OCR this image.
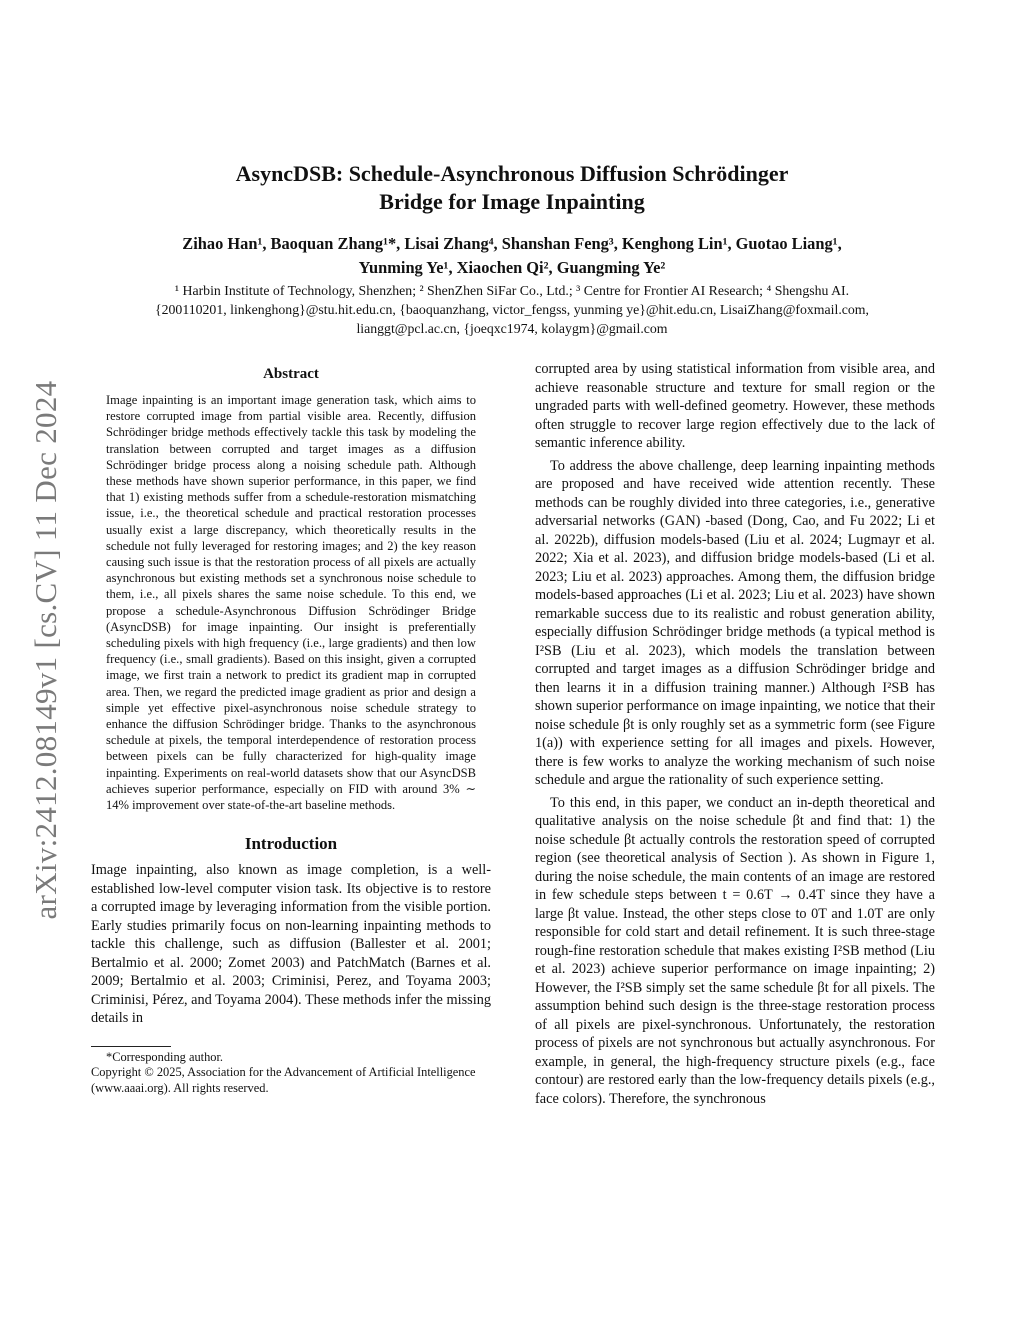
arXiv:2412.08149v1 [cs.CV] 11 Dec 2024
AsyncDSB: Schedule-Asynchronous Diffusion Schrödinger
Bridge for Image Inpainting
Zihao Han¹, Baoquan Zhang¹*, Lisai Zhang⁴, Shanshan Feng³, Kenghong Lin¹, Guotao Liang¹,
Yunming Ye¹, Xiaochen Qi², Guangming Ye²
¹ Harbin Institute of Technology, Shenzhen; ² ShenZhen SiFar Co., Ltd.; ³ Centre for Frontier AI Research; ⁴ Shengshu AI.
{200110201, linkenghong}@stu.hit.edu.cn, {baoquanzhang, victor_fengss, yunming ye}@hit.edu.cn, LisaiZhang@foxmail.com,
lianggt@pcl.ac.cn, {joeqxc1974, kolaygm}@gmail.com
Abstract

Image inpainting is an important image generation task, which aims to restore corrupted image from partial visible area. Recently, diffusion Schrödinger bridge methods effectively tackle this task by modeling the translation between corrupted and target images as a diffusion Schrödinger bridge process along a noising schedule path. Although these methods have shown superior performance, in this paper, we find that 1) existing methods suffer from a schedule-restoration mismatching issue, i.e., the theoretical schedule and practical restoration processes usually exist a large discrepancy, which theoretically results in the schedule not fully leveraged for restoring images; and 2) the key reason causing such issue is that the restoration process of all pixels are actually asynchronous but existing methods set a synchronous noise schedule to them, i.e., all pixels shares the same noise schedule. To this end, we propose a schedule-Asynchronous Diffusion Schrödinger Bridge (AsyncDSB) for image inpainting. Our insight is preferentially scheduling pixels with high frequency (i.e., large gradients) and then low frequency (i.e., small gradients). Based on this insight, given a corrupted image, we first train a network to predict its gradient map in corrupted area. Then, we regard the predicted image gradient as prior and design a simple yet effective pixel-asynchronous noise schedule strategy to enhance the diffusion Schrödinger bridge. Thanks to the asynchronous schedule at pixels, the temporal interdependence of restoration process between pixels can be fully characterized for high-quality image inpainting. Experiments on real-world datasets show that our AsyncDSB achieves superior performance, especially on FID with around 3% ∼ 14% improvement over state-of-the-art baseline methods.

Introduction

Image inpainting, also known as image completion, is a well-established low-level computer vision task. Its objective is to restore a corrupted image by leveraging information from the visible portion. Early studies primarily focus on non-learning inpainting methods to tackle this challenge, such as diffusion (Ballester et al. 2001; Bertalmio et al. 2000; Zomet 2003) and PatchMatch (Barnes et al. 2009; Bertalmio et al. 2003; Criminisi, Perez, and Toyama 2003; Criminisi, Pérez, and Toyama 2004). These methods infer the missing details in

*Corresponding author.
Copyright © 2025, Association for the Advancement of Artificial Intelligence (www.aaai.org). All rights reserved.

corrupted area by using statistical information from visible area, and achieve reasonable structure and texture for small region or the ungraded parts with well-defined geometry. However, these methods often struggle to recover large region effectively due to the lack of semantic inference ability.

To address the above challenge, deep learning inpainting methods are proposed and have received wide attention recently. These methods can be roughly divided into three categories, i.e., generative adversarial networks (GAN) -based (Dong, Cao, and Fu 2022; Li et al. 2022b), diffusion models-based (Liu et al. 2024; Lugmayr et al. 2022; Xia et al. 2023), and diffusion bridge models-based (Li et al. 2023; Liu et al. 2023) approaches. Among them, the diffusion bridge models-based approaches (Li et al. 2023; Liu et al. 2023) have shown remarkable success due to its realistic and robust generation ability, especially diffusion Schrödinger bridge methods (a typical method is I²SB (Liu et al. 2023), which models the translation between corrupted and target images as a diffusion Schrödinger bridge and then learns it in a diffusion training manner.) Although I²SB has shown superior performance on image inpainting, we notice that their noise schedule βt is only roughly set as a symmetric form (see Figure 1(a)) with experience setting for all images and pixels. However, there is few works to analyze the working mechanism of such noise schedule and argue the rationality of such experience setting.

To this end, in this paper, we conduct an in-depth theoretical and qualitative analysis on the noise schedule βt and find that: 1) the noise schedule βt actually controls the restoration speed of corrupted region (see theoretical analysis of Section ). As shown in Figure 1, during the noise schedule, the main contents of an image are restored in few schedule steps between t = 0.6T → 0.4T since they have a large βt value. Instead, the other steps close to 0T and 1.0T are only responsible for cold start and detail refinement. It is such three-stage rough-fine restoration schedule that makes existing I²SB method (Liu et al. 2023) achieve superior performance on image inpainting; 2) However, the I²SB simply set the same schedule βt for all pixels. The assumption behind such design is the three-stage restoration process of all pixels are pixel-synchronous. Unfortunately, the restoration process of pixels are not synchronous but actually asynchronous. For example, in general, the high-frequency structure pixels (e.g., face contour) are restored early than the low-frequency details pixels (e.g., face colors). Therefore, the synchronous
